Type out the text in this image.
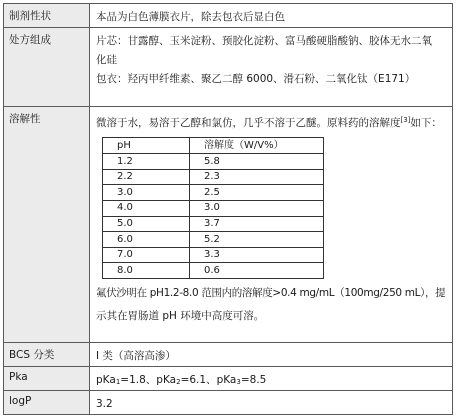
制剂性状	本品为白色薄膜衣片，除去包衣后显白色

处方组成	片芯：甘露醇、玉米淀粉、预胶化淀粉、富马酸硬脂酸钠、胶体无水二氧
化硅
包衣：羟丙甲纤维素、聚乙二醇 6000、滑石粉、二氧化钛（E171）

溶解性	微溶于水，易溶于乙醇和氯仿，几乎不溶于乙醚。原料药的溶解度[3]如下：
pH	溶解度（W/V%）
1.2	5.8
2.2	2.3
3.0	2.5
4.0	3.0
5.0	3.7
6.0	5.2
7.0	3.3
8.0	0.6
氟伏沙明在 pH1.2-8.0 范围内的溶解度>0.4 mg/mL（100mg/250 mL），提
示其在胃肠道 pH 环境中高度可溶。

BCS 分类	I 类（高溶高渗）

Pka	pKa$_1$=1.8、pKa$_2$=6.1、pKa$_3$=8.5

logP	3.2
